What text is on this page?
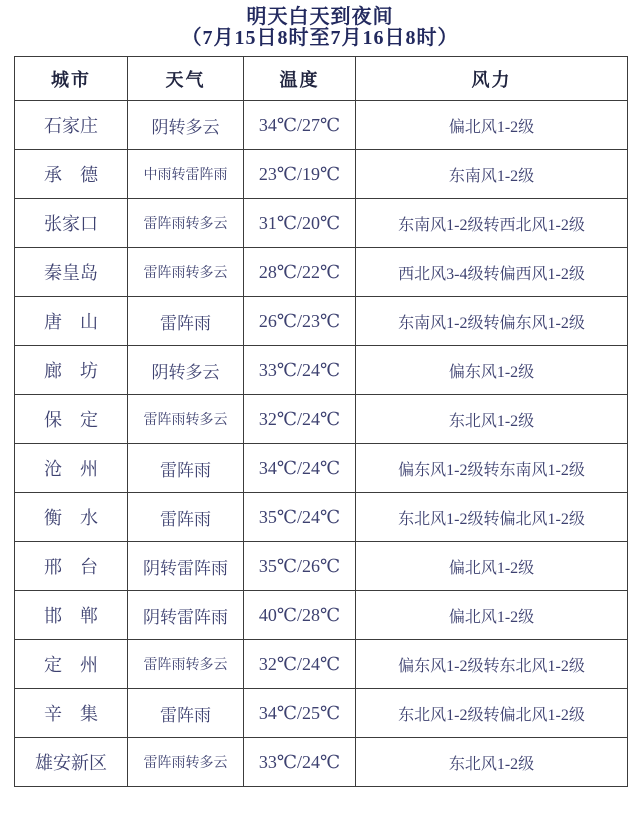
明天白天到夜间
（7月15日8时至7月16日8时）
城市	天气	温度	风力
石家庄	阴转多云	34℃/27℃	偏北风1-2级
承　德	中雨转雷阵雨	23℃/19℃	东南风1-2级
张家口	雷阵雨转多云	31℃/20℃	东南风1-2级转西北风1-2级
秦皇岛	雷阵雨转多云	28℃/22℃	西北风3-4级转偏西风1-2级
唐　山	雷阵雨	26℃/23℃	东南风1-2级转偏东风1-2级
廊　坊	阴转多云	33℃/24℃	偏东风1-2级
保　定	雷阵雨转多云	32℃/24℃	东北风1-2级
沧　州	雷阵雨	34℃/24℃	偏东风1-2级转东南风1-2级
衡　水	雷阵雨	35℃/24℃	东北风1-2级转偏北风1-2级
邢　台	阴转雷阵雨	35℃/26℃	偏北风1-2级
邯　郸	阴转雷阵雨	40℃/28℃	偏北风1-2级
定　州	雷阵雨转多云	32℃/24℃	偏东风1-2级转东北风1-2级
辛　集	雷阵雨	34℃/25℃	东北风1-2级转偏北风1-2级
雄安新区	雷阵雨转多云	33℃/24℃	东北风1-2级
